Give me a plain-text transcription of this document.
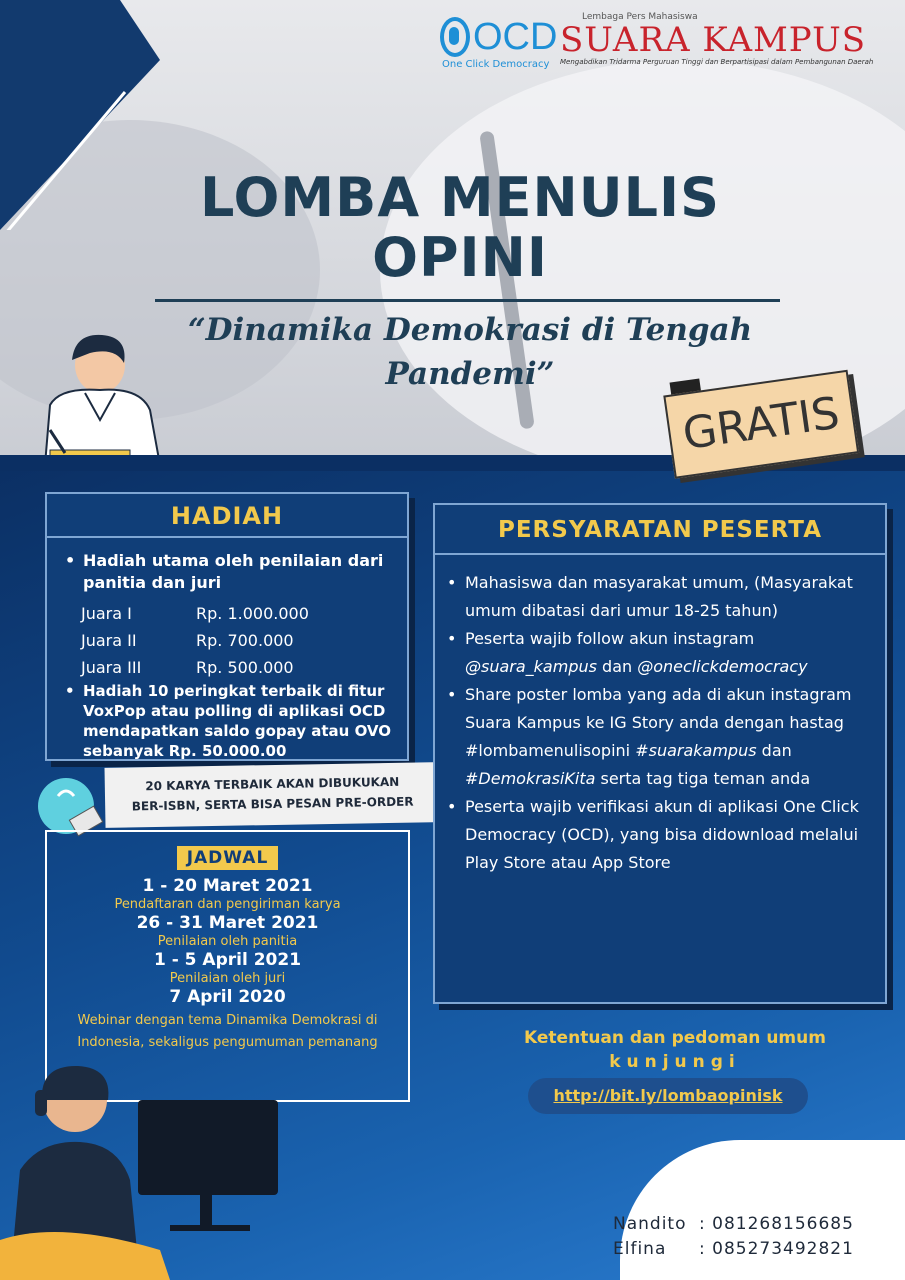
OCD
One Click Democracy
Lembaga Pers Mahasiswa
SUARA KAMPUS
Mengabdikan Tridarma Perguruan Tinggi dan Berpartisipasi dalam Pembangunan Daerah
LOMBA MENULIS
OPINI
“Dinamika Demokrasi di Tengah
Pandemi”
GRATIS
HADIAH
• Hadiah utama oleh penilaian dari panitia dan juri
Juara I	Rp. 1.000.000
Juara II	Rp. 700.000
Juara III	Rp. 500.000
• Hadiah 10 peringkat terbaik di fitur VoxPop atau polling di aplikasi OCD mendapatkan saldo gopay atau OVO sebanyak Rp. 50.000.00
20 KARYA TERBAIK AKAN DIBUKUKAN
BER-ISBN, SERTA BISA PESAN PRE-ORDER
JADWAL
1 - 20 Maret 2021
Pendaftaran dan pengiriman karya
26 - 31 Maret 2021
Penilaian oleh panitia
1 - 5 April 2021
Penilaian oleh juri
7 April 2020
Webinar dengan tema Dinamika Demokrasi di Indonesia, sekaligus pengumuman pemanang
PERSYARATAN PESERTA
• Mahasiswa dan masyarakat umum, (Masyarakat umum dibatasi dari umur 18-25 tahun)
• Peserta wajib follow akun instagram @suara_kampus dan @oneclickdemocracy
• Share poster lomba yang ada di akun instagram Suara Kampus ke IG Story anda dengan hastag #lombamenulisopini #suarakampus dan #DemokrasiKita serta tag tiga teman anda
• Peserta wajib verifikasi akun di aplikasi One Click Democracy (OCD), yang bisa didownload melalui Play Store atau App Store
Ketentuan dan pedoman umum
kunjungi
http://bit.ly/lombaopinisk
Nandito : 081268156685
Elfina : 085273492821
